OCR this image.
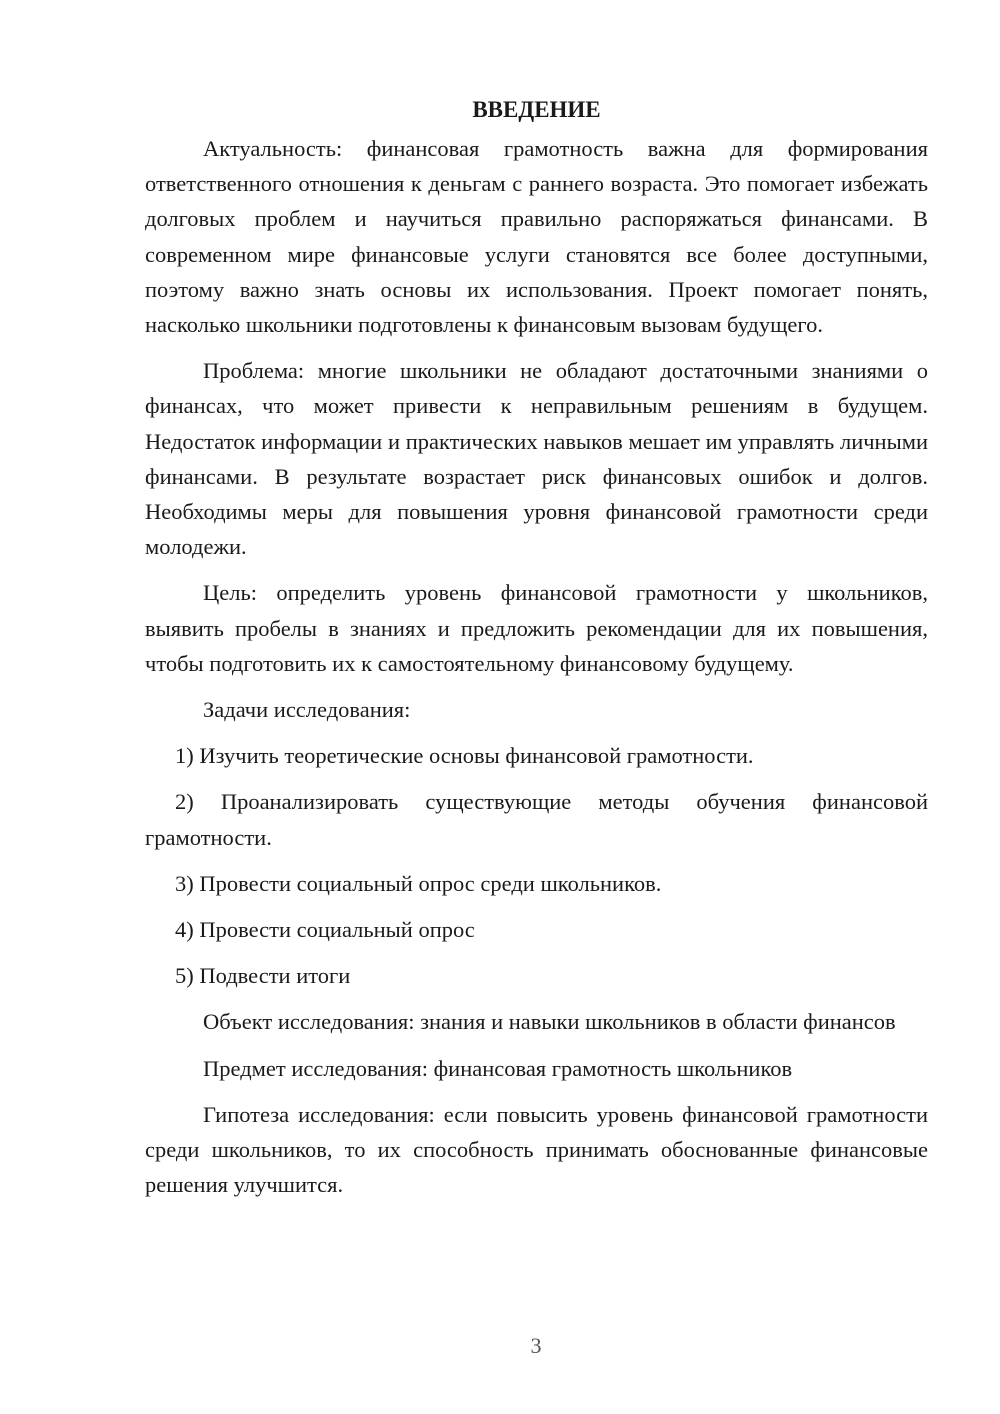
ВВЕДЕНИЕ

Актуальность: финансовая грамотность важна для формирования ответственного отношения к деньгам с раннего возраста. Это помогает избежать долговых проблем и научиться правильно распоряжаться финансами. В современном мире финансовые услуги становятся все более доступными, поэтому важно знать основы их использования. Проект помогает понять, насколько школьники подготовлены к финансовым вызовам будущего.

Проблема: многие школьники не обладают достаточными знаниями о финансах, что может привести к неправильным решениям в будущем. Недостаток информации и практических навыков мешает им управлять личными финансами. В результате возрастает риск финансовых ошибок и долгов. Необходимы меры для повышения уровня финансовой грамотности среди молодежи.

Цель: определить уровень финансовой грамотности у школьников, выявить пробелы в знаниях и предложить рекомендации для их повышения, чтобы подготовить их к самостоятельному финансовому будущему.

Задачи исследования:

1) Изучить теоретические основы финансовой грамотности.

2) Проанализировать существующие методы обучения финансовой грамотности.

3) Провести социальный опрос среди школьников.

4) Провести социальный опрос

5) Подвести итоги

Объект исследования: знания и навыки школьников в области финансов

Предмет исследования: финансовая грамотность школьников

Гипотеза исследования: если повысить уровень финансовой грамотности среди школьников, то их способность принимать обоснованные финансовые решения улучшится.

3
